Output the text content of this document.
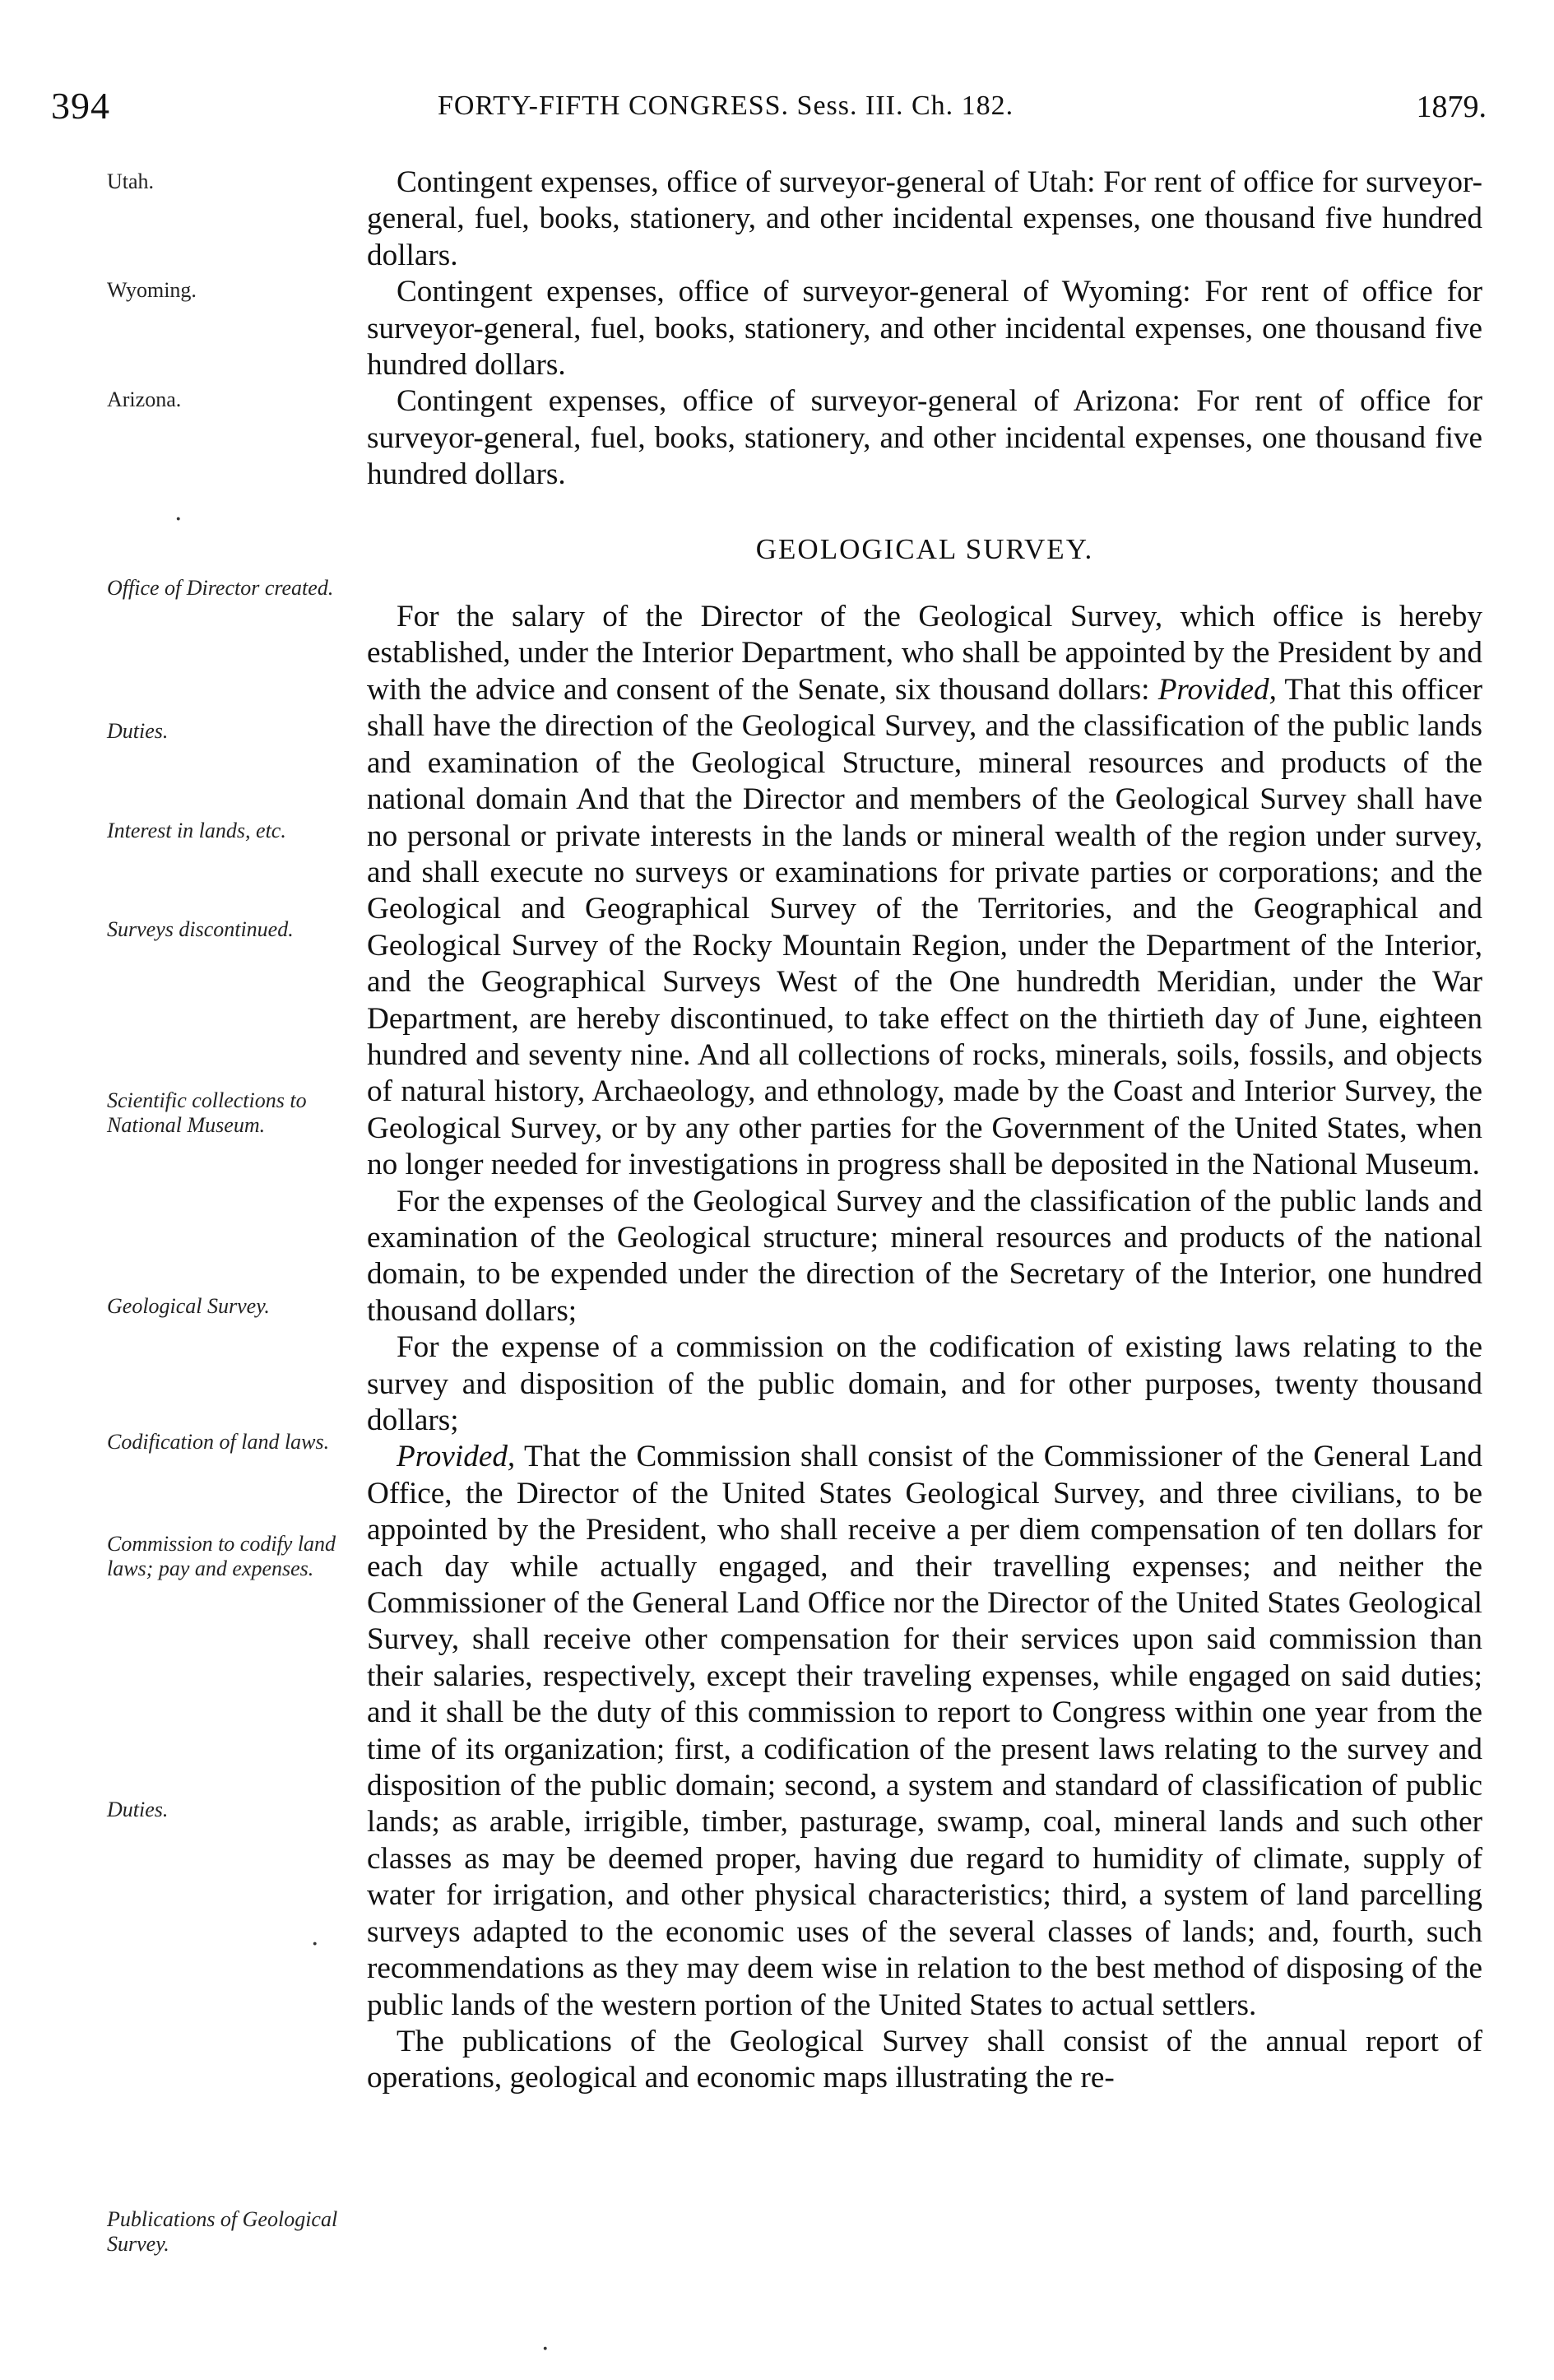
394	FORTY-FIFTH CONGRESS. Sess. III. Ch. 182.	1879.
Utah.
Wyoming.
Arizona.
·
Office of Director created.
Duties.
Interest in lands, etc.
Surveys discontinued.
Scientific collections to National Museum.
Geological Survey.
Codification of land laws.
Commission to codify land laws; pay and expenses.
Duties.
·
Publications of Geological Survey.
·

Contingent expenses, office of surveyor-general of Utah: For rent of office for surveyor-general, fuel, books, stationery, and other incidental expenses, one thousand five hundred dollars.

Contingent expenses, office of surveyor-general of Wyoming: For rent of office for surveyor-general, fuel, books, stationery, and other incidental expenses, one thousand five hundred dollars.

Contingent expenses, office of surveyor-general of Arizona: For rent of office for surveyor-general, fuel, books, stationery, and other incidental expenses, one thousand five hundred dollars.

GEOLOGICAL SURVEY.

For the salary of the Director of the Geological Survey, which office is hereby established, under the Interior Department, who shall be appointed by the President by and with the advice and consent of the Senate, six thousand dollars: Provided, That this officer shall have the direction of the Geological Survey, and the classification of the public lands and examination of the Geological Structure, mineral resources and products of the national domain And that the Director and members of the Geological Survey shall have no personal or private interests in the lands or mineral wealth of the region under survey, and shall execute no surveys or examinations for private parties or corporations; and the Geological and Geographical Survey of the Territories, and the Geographical and Geological Survey of the Rocky Mountain Region, under the Department of the Interior, and the Geographical Surveys West of the One hundredth Meridian, under the War Department, are hereby discontinued, to take effect on the thirtieth day of June, eighteen hundred and seventy nine. And all collections of rocks, minerals, soils, fossils, and objects of natural history, Archaeology, and ethnology, made by the Coast and Interior Survey, the Geological Survey, or by any other parties for the Government of the United States, when no longer needed for investigations in progress shall be deposited in the National Museum.

For the expenses of the Geological Survey and the classification of the public lands and examination of the Geological structure; mineral resources and products of the national domain, to be expended under the direction of the Secretary of the Interior, one hundred thousand dollars;

For the expense of a commission on the codification of existing laws relating to the survey and disposition of the public domain, and for other purposes, twenty thousand dollars;

Provided, That the Commission shall consist of the Commissioner of the General Land Office, the Director of the United States Geological Survey, and three civilians, to be appointed by the President, who shall receive a per diem compensation of ten dollars for each day while actually engaged, and their travelling expenses; and neither the Commissioner of the General Land Office nor the Director of the United States Geological Survey, shall receive other compensation for their services upon said commission than their salaries, respectively, except their traveling expenses, while engaged on said duties; and it shall be the duty of this commission to report to Congress within one year from the time of its organization; first, a codification of the present laws relating to the survey and disposition of the public domain; second, a system and standard of classification of public lands; as arable, irrigible, timber, pasturage, swamp, coal, mineral lands and such other classes as may be deemed proper, having due regard to humidity of climate, supply of water for irrigation, and other physical characteristics; third, a system of land parcelling surveys adapted to the economic uses of the several classes of lands; and, fourth, such recommendations as they may deem wise in relation to the best method of disposing of the public lands of the western portion of the United States to actual settlers.

The publications of the Geological Survey shall consist of the annual report of operations, geological and economic maps illustrating the re-
